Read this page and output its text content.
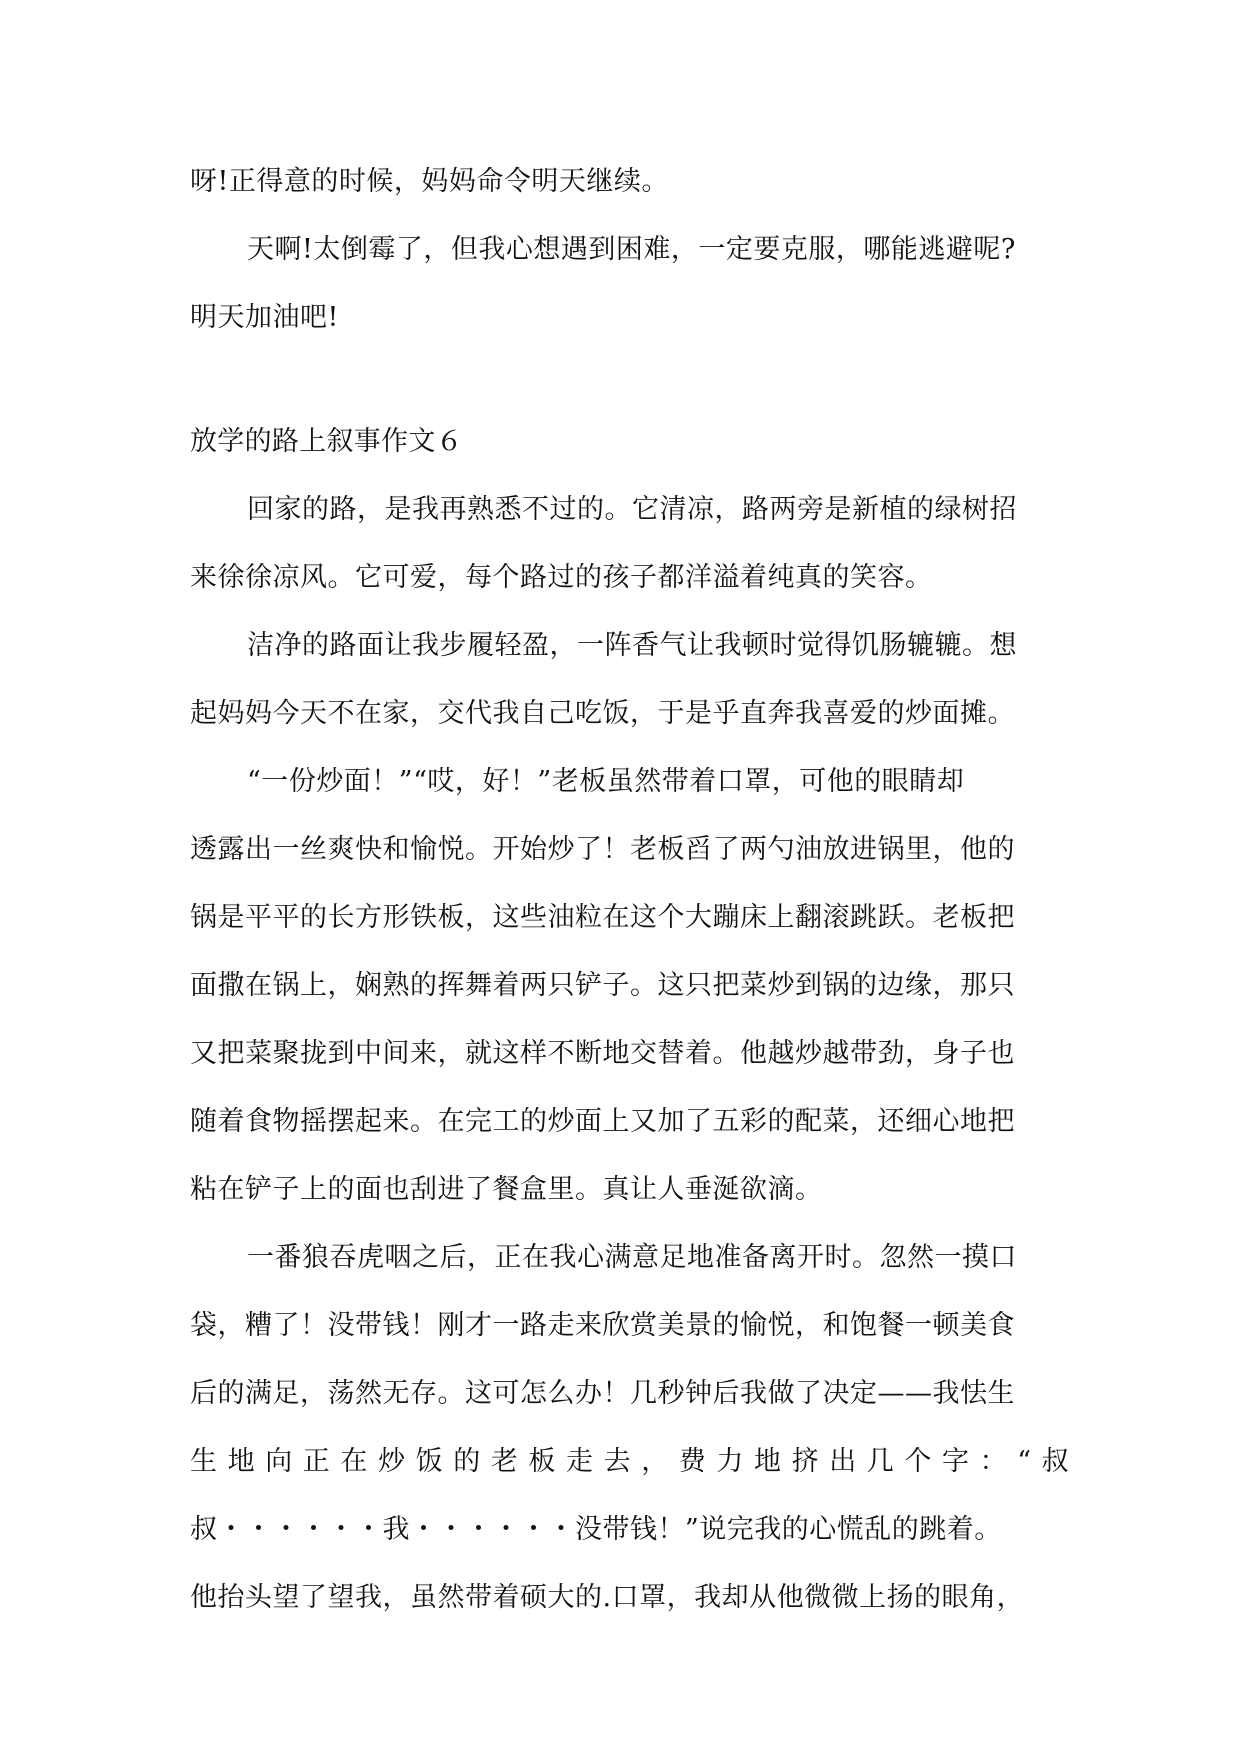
呀!正得意的时候，妈妈命令明天继续。
天啊!太倒霉了，但我心想遇到困难，一定要克服，哪能逃避呢?
明天加油吧!
放学的路上叙事作文６
回家的路，是我再熟悉不过的。它清凉，路两旁是新植的绿树招
来徐徐凉风。它可爱，每个路过的孩子都洋溢着纯真的笑容。
洁净的路面让我步履轻盈，一阵香气让我顿时觉得饥肠辘辘。想
起妈妈今天不在家，交代我自己吃饭，于是乎直奔我喜爱的炒面摊。
“一份炒面！”“哎，好！”老板虽然带着口罩，可他的眼睛却
透露出一丝爽快和愉悦。开始炒了！老板舀了两勺油放进锅里，他的
锅是平平的长方形铁板，这些油粒在这个大蹦床上翻滚跳跃。老板把
面撒在锅上，娴熟的挥舞着两只铲子。这只把菜炒到锅的边缘，那只
又把菜聚拢到中间来，就这样不断地交替着。他越炒越带劲，身子也
随着食物摇摆起来。在完工的炒面上又加了五彩的配菜，还细心地把
粘在铲子上的面也刮进了餐盒里。真让人垂涎欲滴。
一番狼吞虎咽之后，正在我心满意足地准备离开时。忽然一摸口
袋，糟了！没带钱！刚才一路走来欣赏美景的愉悦，和饱餐一顿美食
后的满足，荡然无存。这可怎么办！几秒钟后我做了决定——我怯生
生地向正在炒饭的老板走去，费力地挤出几个字：“叔
叔・・・・・・我・・・・・・没带钱！”说完我的心慌乱的跳着。
他抬头望了望我，虽然带着硕大的.口罩，我却从他微微上扬的眼角，
